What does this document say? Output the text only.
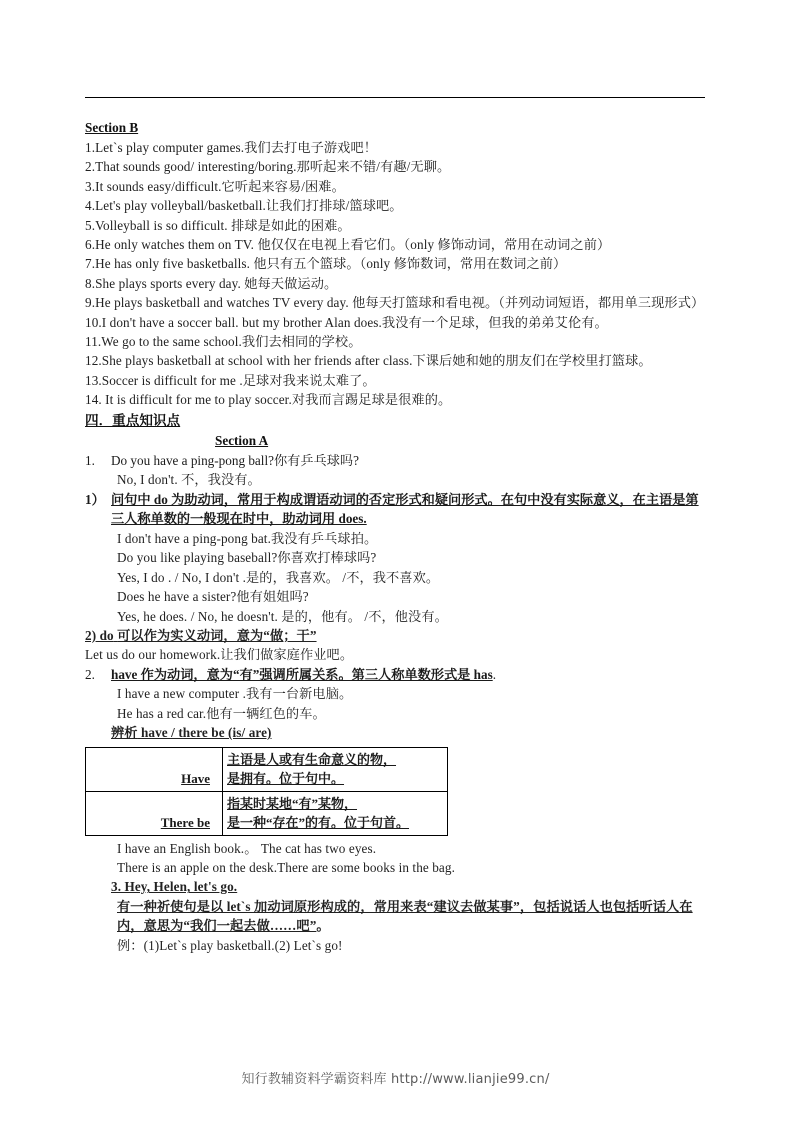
Section B
1.Let`s play computer games.我们去打电子游戏吧！
2.That sounds good/ interesting/boring.那听起来不错/有趣/无聊。
3.It sounds easy/difficult.它听起来容易/困难。
4.Let's play volleyball/basketball.让我们打排球/篮球吧。
5.Volleyball is so difficult. 排球是如此的困难。
6.He only watches them on TV. 他仅仅在电视上看它们。（only 修饰动词，常用在动词之前）
7.He has only five basketballs. 他只有五个篮球。（only 修饰数词，常用在数词之前）
8.She plays sports every day. 她每天做运动。
9.He plays basketball and watches TV every day. 他每天打篮球和看电视。（并列动词短语，都用单三现形式）
10.I don't have a soccer ball. but my brother Alan does.我没有一个足球，但我的弟弟艾伦有。
11.We go to the same school.我们去相同的学校。
12.She plays basketball at school with her friends after class.下课后她和她的朋友们在学校里打篮球。
13.Soccer is difficult for me .足球对我来说太难了。
14. It is difficult for me to play soccer.对我而言踢足球是很难的。
四．重点知识点
Section A
1.	Do you have a ping-pong ball?你有乒乓球吗?
No, I don't. 不，我没有。
1） 问句中 do 为助动词，常用于构成谓语动词的否定形式和疑问形式。在句中没有实际意义，在主语是第三人称单数的一般现在时中，助动词用 does.
I don't have a ping-pong bat.我没有乒乓球拍。
Do you like playing baseball?你喜欢打棒球吗?
Yes, I do . / No, I don't .是的，我喜欢。 /不，我不喜欢。
Does he have a sister?他有姐姐吗?
Yes, he does. / No, he doesn't. 是的，他有。 /不，他没有。
2) do 可以作为实义动词，意为“做；干”
Let us do our homework.让我们做家庭作业吧。
2.	have 作为动词，意为“有”强调所属关系。第三人称单数形式是 has.
I have a new computer .我有一台新电脑。
He has a red car.他有一辆红色的车。
辨析 have / there be (is/ are)
Have	主语是人或有生命意义的物，
是拥有。位于句中。

There be	指某时某地“有”某物，
是一种“存在”的有。位于句首。
I have an English book.。 The cat has two eyes.
There is an apple on the desk.There are some books in the bag.
3. Hey, Helen, let's go.
有一种祈使句是以 let`s 加动词原形构成的，常用来表“建议去做某事”，包括说话人也包括听话人在内，意思为“我们一起去做……吧”。
例：(1)Let`s play basketball.(2) Let`s go!
知行教辅资料学霸资料库 http://www.lianjie99.cn/
